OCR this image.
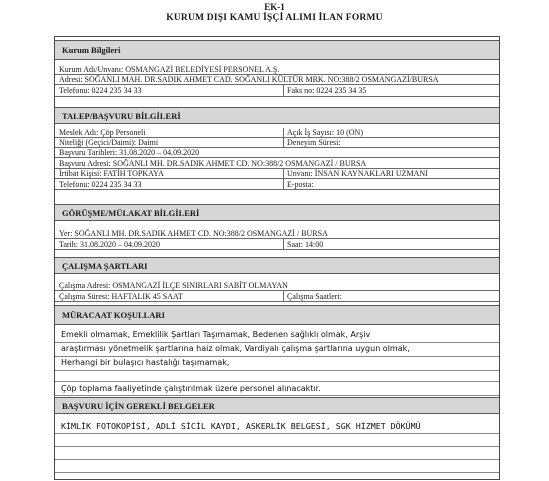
EK-1
KURUM DIŞI KAMU İŞÇİ ALIMI İLAN FORMU
Kurum Bilgileri
Kurum Adı/Unvanı: OSMANGAZİ BELEDİYESİ PERSONEL A.Ş.
Adresi: SOĞANLI MAH. DR.SADIK AHMET CAD. SOĞANLI KÜLTÜR MRK. NO:388/2 OSMANGAZİ/BURSA
Telefonu: 0224 235 34 33	Faks no: 0224 235 34 35
TALEP/BAŞVURU BİLGİLERİ
Meslek Adı: Çöp Personeli	Açık İş Sayısı: 10 (ON)
Niteliği (Geçici/Daimi): Daimi	Deneyim Süresi:
Başvuru Tarihleri: 31.08.2020 – 04.09.2020
Başvuru Adresi: SOĞANLI MH. DR.SADIK AHMET CD. NO:388/2 OSMANGAZİ / BURSA
İrtibat Kişisi: FATİH TOPKAYA	Unvanı: İNSAN KAYNAKLARI UZMANI
Telefonu: 0224 235 34 33	E-posta:
GÖRÜŞME/MÜLAKAT BİLGİLERİ
Yer: SOĞANLI MH. DR.SADIK AHMET CD. NO:388/2 OSMANGAZİ / BURSA
Tarih: 31.08.2020 – 04.09.2020	Saat: 14:00
ÇALIŞMA ŞARTLARI
Çalışma Adresi: OSMANGAZİ İLÇE SINIRLARI SABİT OLMAYAN
Çalışma Süresi: HAFTALIK 45 SAAT	Çalışma Saatleri:
MÜRACAAT KOŞULLARI
Emekli olmamak, Emeklilik Şartları Taşımamak, Bedenen sağlıklı olmak, Arşiv
araştırması yönetmelik şartlarına haiz olmak, Vardiyalı çalışma şartlarına uygun olmak,
Herhangi bir bulaşıcı hastalığı taşımamak,
Çöp toplama faaliyetinde çalıştırılmak üzere personel alınacaktır.
BAŞVURU İÇİN GEREKLİ BELGELER
KİMLİK FOTOKOPİSİ, ADLİ SİCİL KAYDI, ASKERLİK BELGESİ, SGK HİZMET DÖKÜMÜ
